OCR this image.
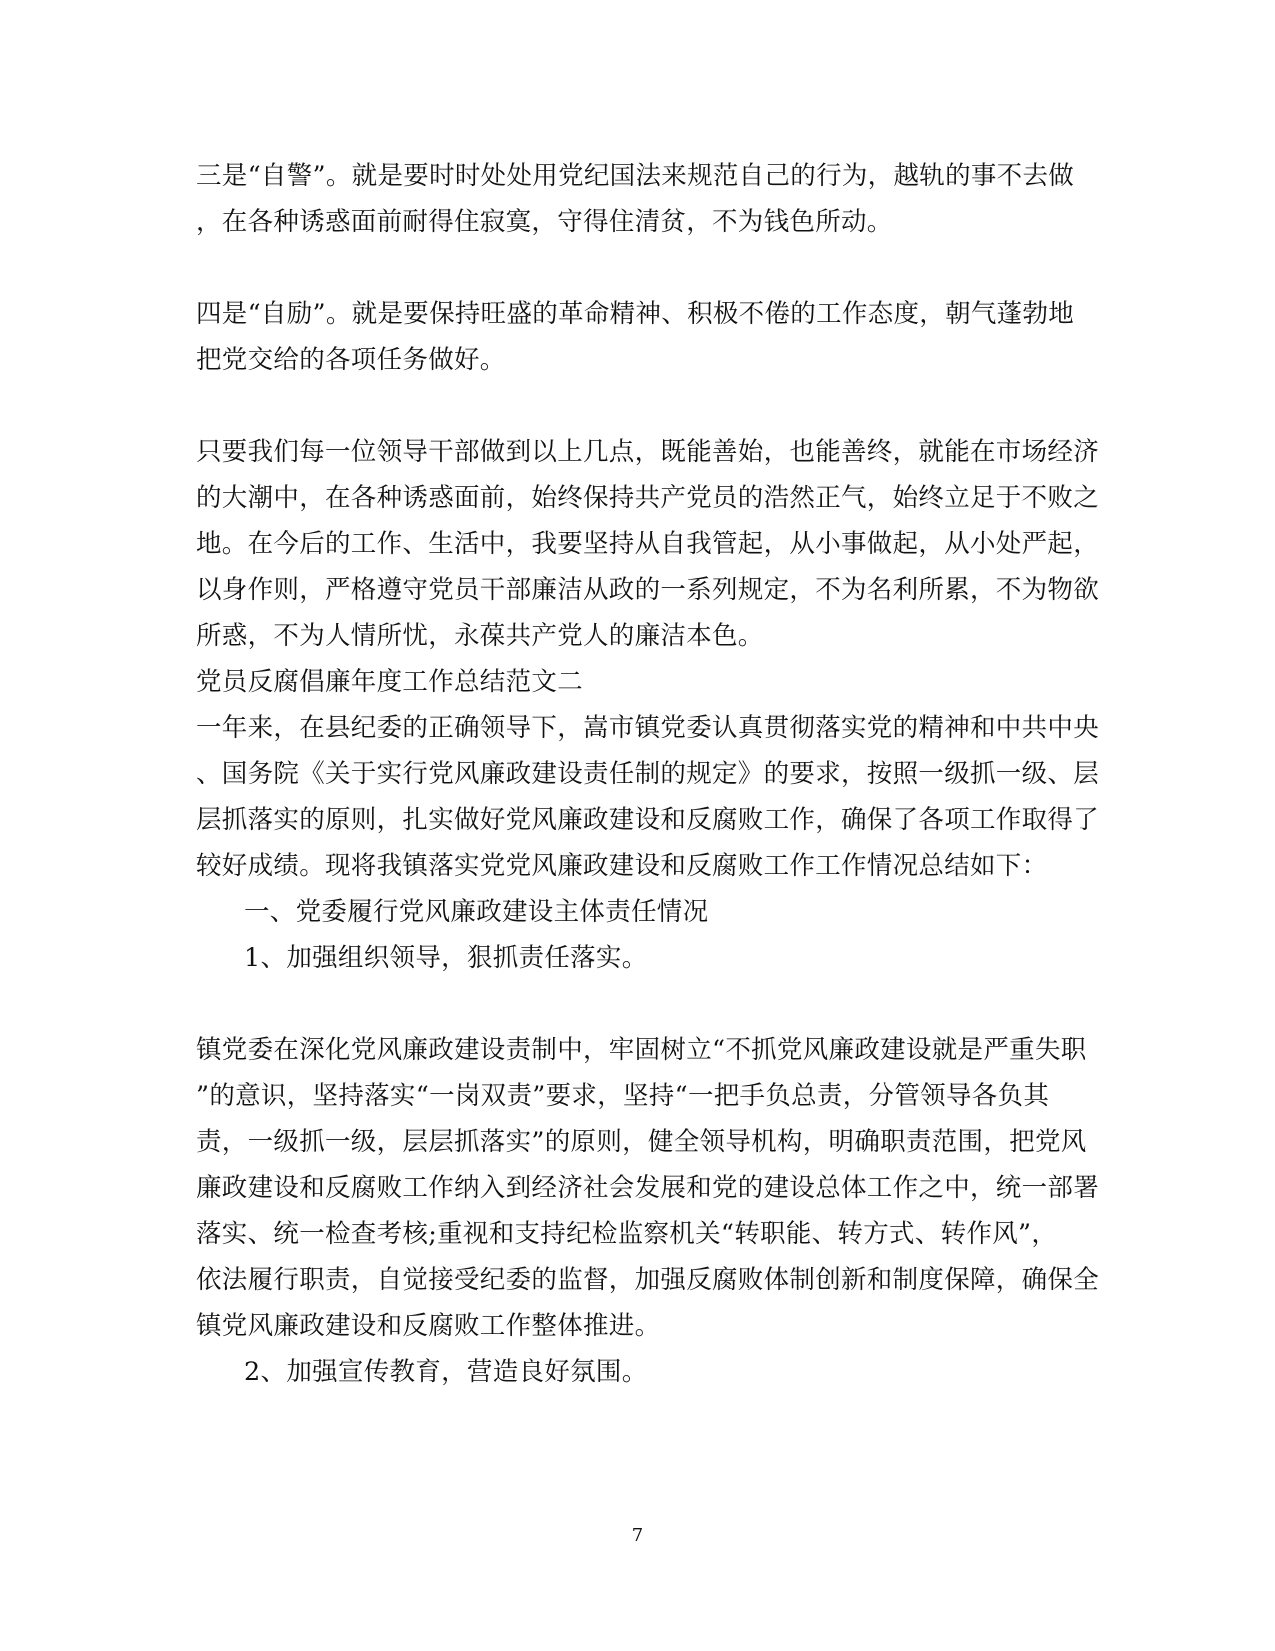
三是“自警”。就是要时时处处用党纪国法来规范自己的行为，越轨的事不去做
，在各种诱惑面前耐得住寂寞，守得住清贫，不为钱色所动。
四是“自励”。就是要保持旺盛的革命精神、积极不倦的工作态度，朝气蓬勃地
把党交给的各项任务做好。
只要我们每一位领导干部做到以上几点，既能善始，也能善终，就能在市场经济
的大潮中，在各种诱惑面前，始终保持共产党员的浩然正气，始终立足于不败之
地。在今后的工作、生活中，我要坚持从自我管起，从小事做起，从小处严起，
以身作则，严格遵守党员干部廉洁从政的一系列规定，不为名利所累，不为物欲
所惑，不为人情所忧，永葆共产党人的廉洁本色。
党员反腐倡廉年度工作总结范文二
一年来，在县纪委的正确领导下，嵩市镇党委认真贯彻落实党的精神和中共中央
、国务院《关于实行党风廉政建设责任制的规定》的要求，按照一级抓一级、层
层抓落实的原则，扎实做好党风廉政建设和反腐败工作，确保了各项工作取得了
较好成绩。现将我镇落实党党风廉政建设和反腐败工作工作情况总结如下：
一、党委履行党风廉政建设主体责任情况
1、加强组织领导，狠抓责任落实。
镇党委在深化党风廉政建设责制中，牢固树立“不抓党风廉政建设就是严重失职
”的意识，坚持落实“一岗双责”要求，坚持“一把手负总责，分管领导各负其
责，一级抓一级，层层抓落实”的原则，健全领导机构，明确职责范围，把党风
廉政建设和反腐败工作纳入到经济社会发展和党的建设总体工作之中，统一部署
落实、统一检查考核;重视和支持纪检监察机关“转职能、转方式、转作风”，
依法履行职责，自觉接受纪委的监督，加强反腐败体制创新和制度保障，确保全
镇党风廉政建设和反腐败工作整体推进。
2、加强宣传教育，营造良好氛围。
7
